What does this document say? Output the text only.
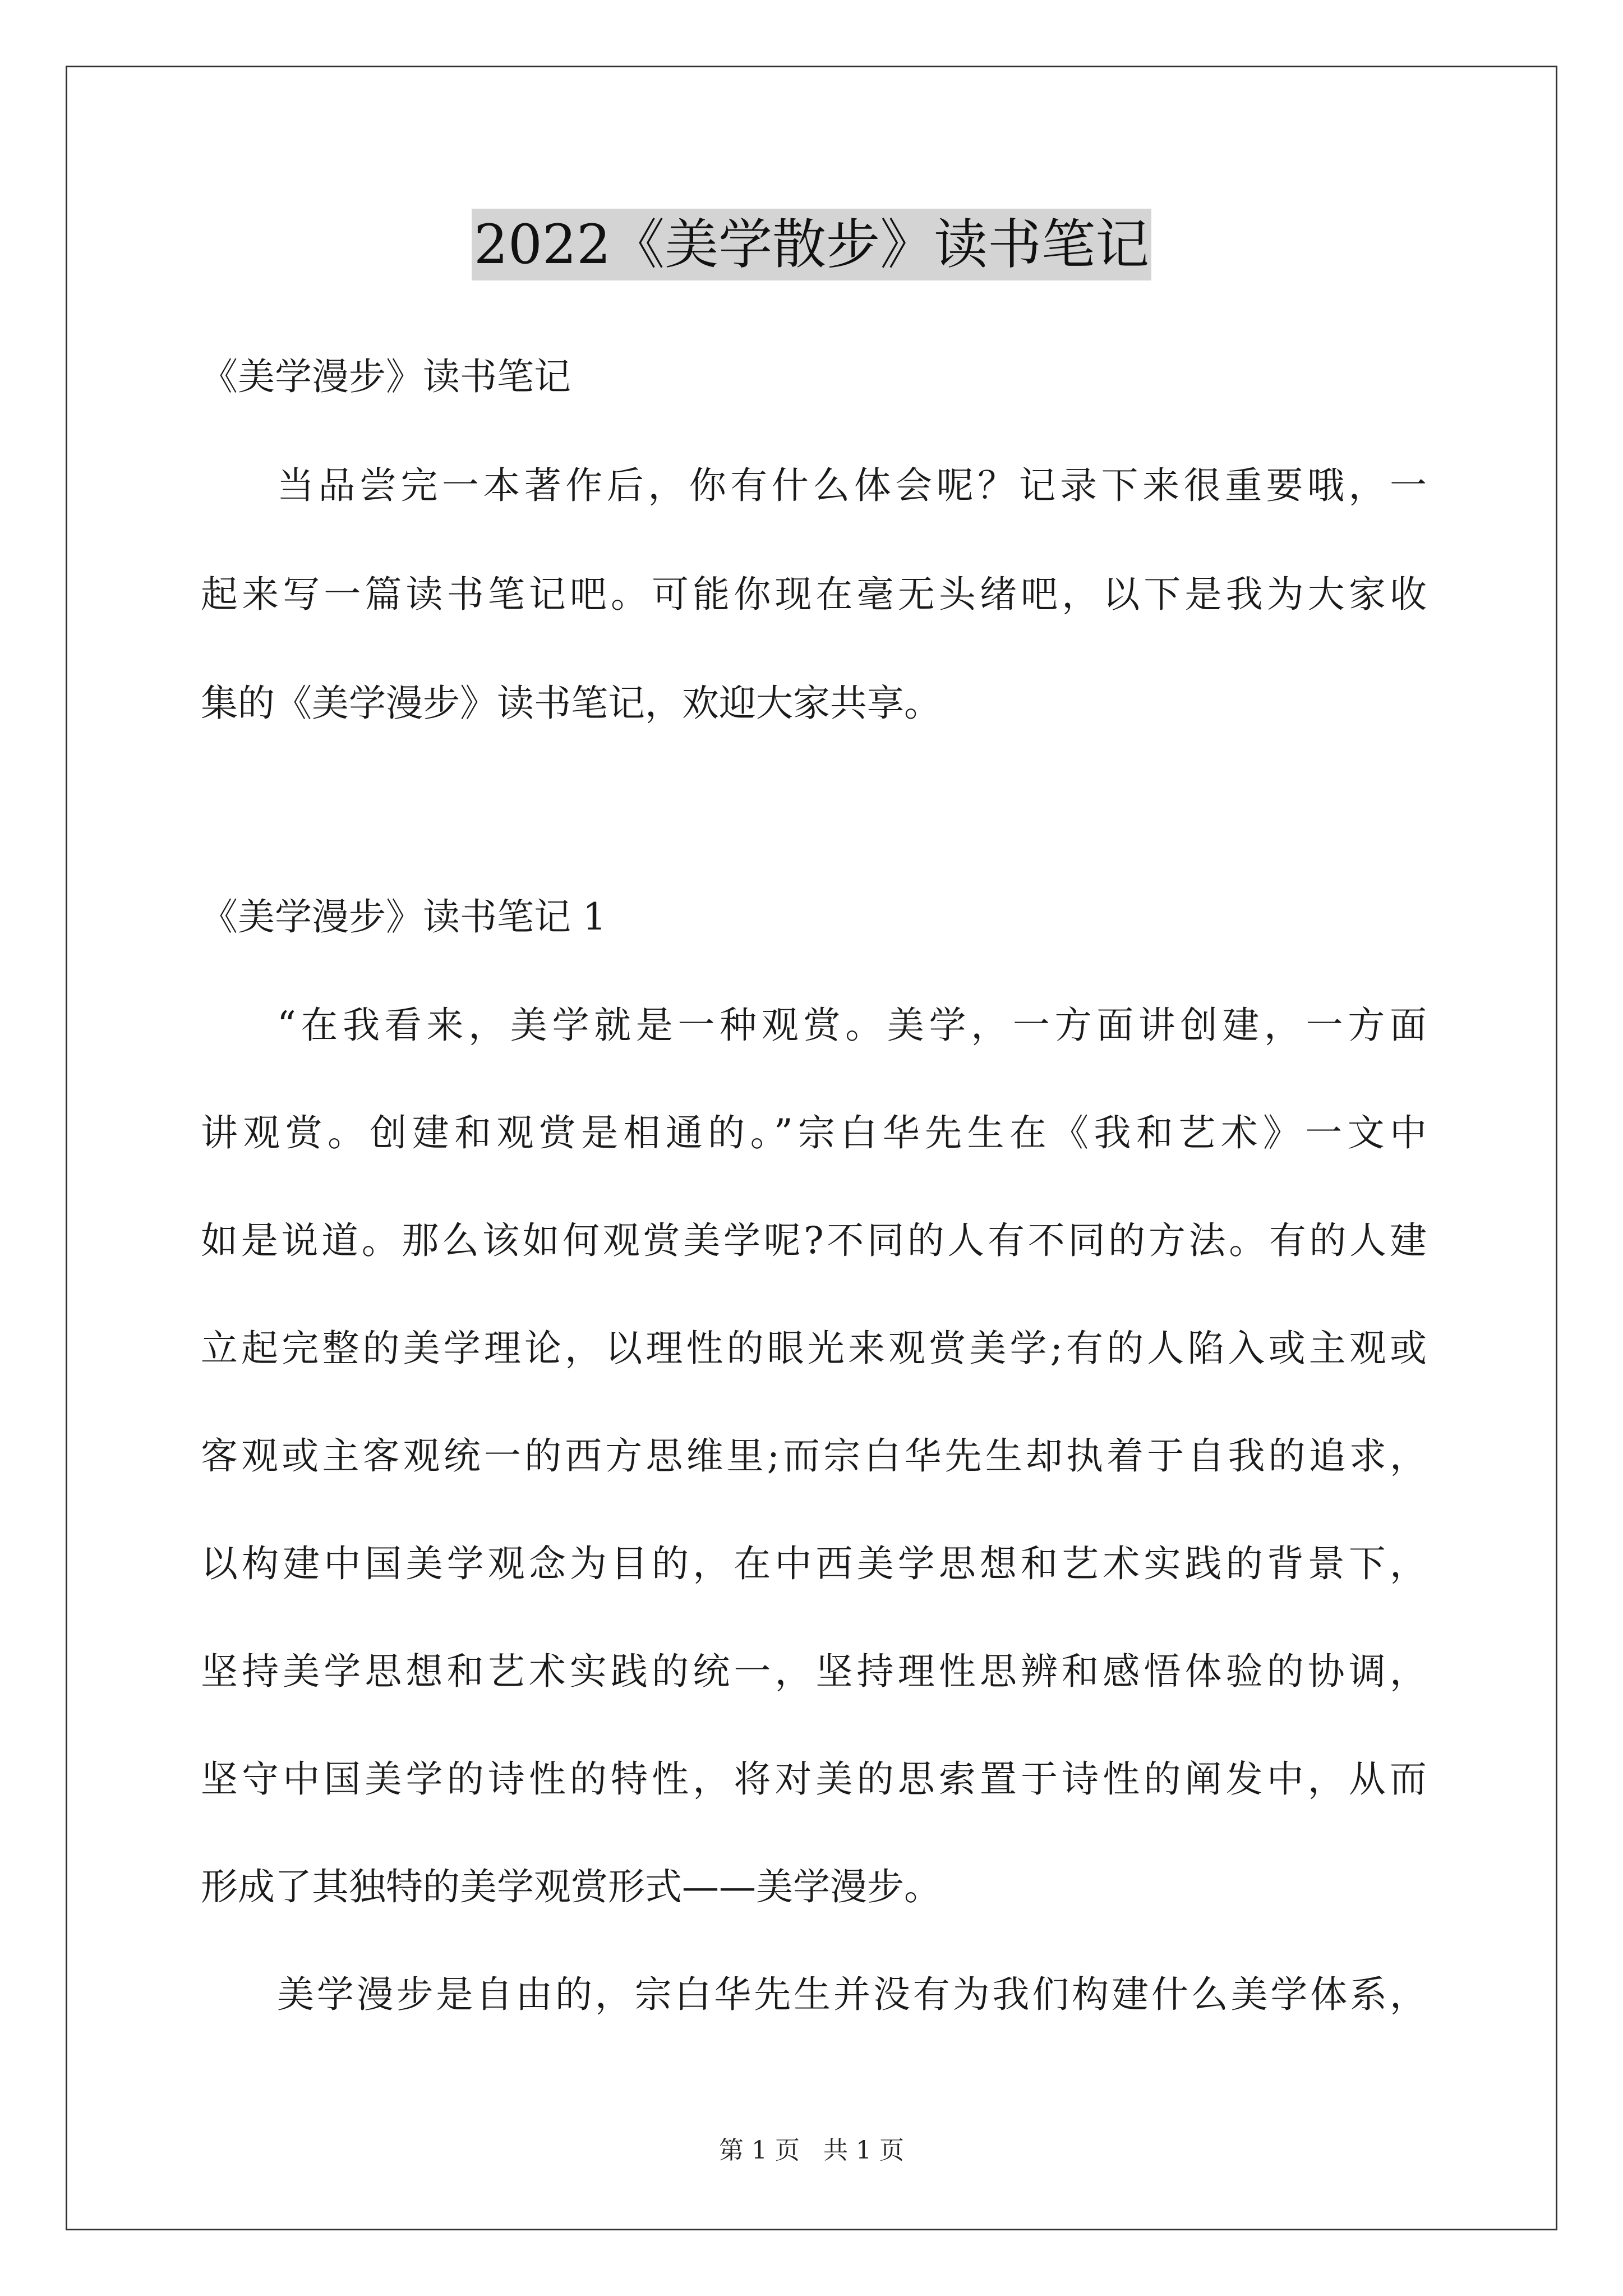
2022《美学散步》读书笔记
《美学漫步》读书笔记
当品尝完一本著作后，你有什么体会呢？记录下来很重要哦，一
起来写一篇读书笔记吧。可能你现在毫无头绪吧，以下是我为大家收
集的《美学漫步》读书笔记，欢迎大家共享。
《美学漫步》读书笔记 1
“在我看来，美学就是一种观赏。美学，一方面讲创建，一方面
讲观赏。创建和观赏是相通的。”宗白华先生在《我和艺术》一文中
如是说道。那么该如何观赏美学呢?不同的人有不同的方法。有的人建
立起完整的美学理论，以理性的眼光来观赏美学;有的人陷入或主观或
客观或主客观统一的西方思维里;而宗白华先生却执着于自我的追求，
以构建中国美学观念为目的，在中西美学思想和艺术实践的背景下，
坚持美学思想和艺术实践的统一，坚持理性思辨和感悟体验的协调，
坚守中国美学的诗性的特性，将对美的思索置于诗性的阐发中，从而
形成了其独特的美学观赏形式——美学漫步。
美学漫步是自由的，宗白华先生并没有为我们构建什么美学体系，
第 1 页 共 1 页
